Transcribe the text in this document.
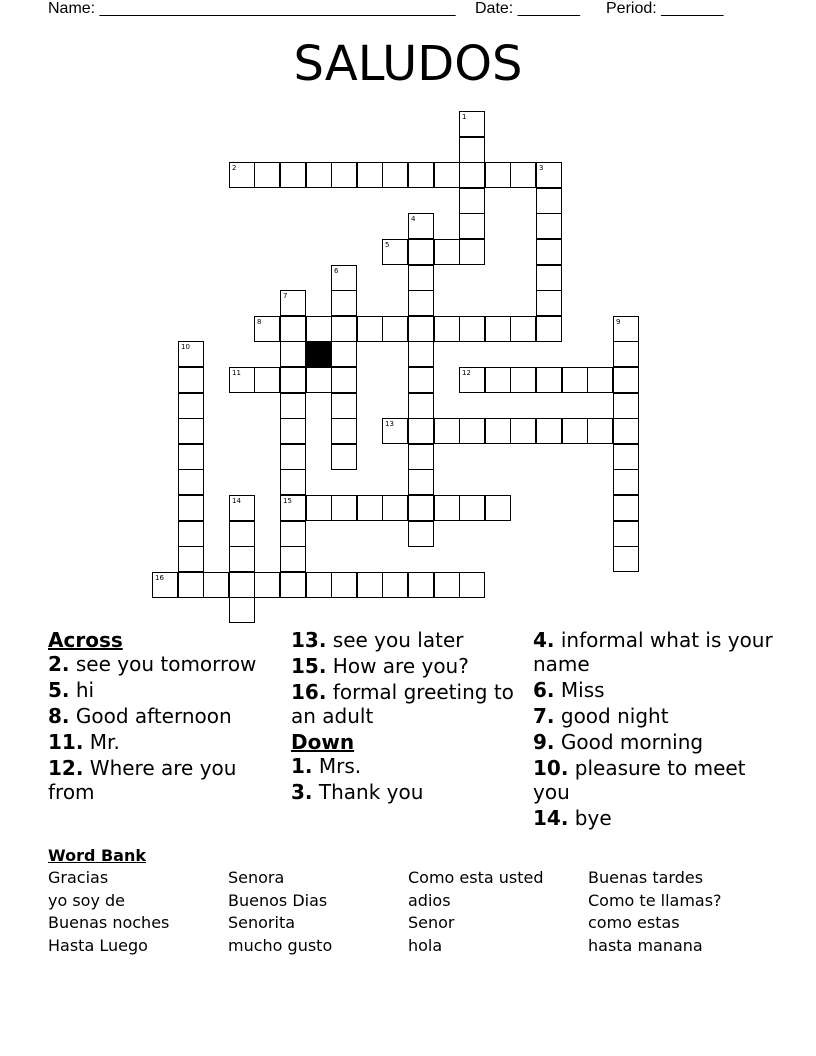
Name: ________________________________________ Date: _______ Period: _______
SALUDOS
1
2	3
4
5
6
7
15
8	9
10
11	12
13
14
16
Across
2. see you tomorrow
5. hi
8. Good afternoon
11. Mr.
12. Where are you from
13. see you later
15. How are you?
16. formal greeting to an adult
Down
1. Mrs.
3. Thank you
4. informal what is your name
6. Miss
7. good night
9. Good morning
10. pleasure to meet you
14. bye
Word Bank
Gracias
yo soy de
Buenas noches
Hasta Luego
Senora
Buenos Dias
Senorita
mucho gusto
Como esta usted
adios
Senor
hola
Buenas tardes
Como te llamas?
como estas
hasta manana
